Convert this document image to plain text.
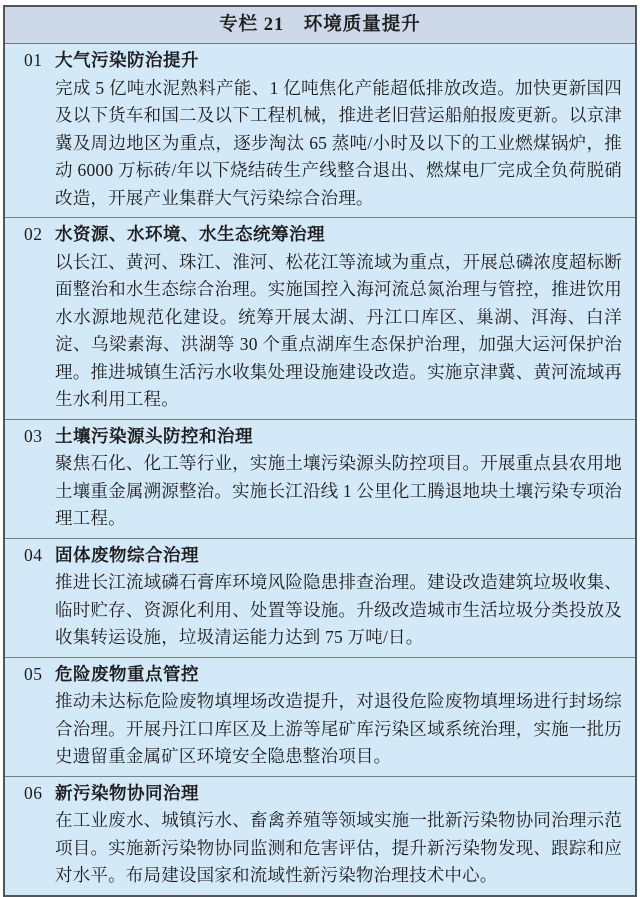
专栏 21　环境质量提升
01 大气污染防治提升
完成 5 亿吨水泥熟料产能、1 亿吨焦化产能超低排放改造。加快更新国四及以下货车和国二及以下工程机械，推进老旧营运船舶报废更新。以京津冀及周边地区为重点，逐步淘汰 65 蒸吨/小时及以下的工业燃煤锅炉，推动 6000 万标砖/年以下烧结砖生产线整合退出、燃煤电厂完成全负荷脱硝改造，开展产业集群大气污染综合治理。
02 水资源、水环境、水生态统筹治理
以长江、黄河、珠江、淮河、松花江等流域为重点，开展总磷浓度超标断面整治和水生态综合治理。实施国控入海河流总氮治理与管控，推进饮用水水源地规范化建设。统筹开展太湖、丹江口库区、巢湖、洱海、白洋淀、乌梁素海、洪湖等 30 个重点湖库生态保护治理，加强大运河保护治理。推进城镇生活污水收集处理设施建设改造。实施京津冀、黄河流域再生水利用工程。
03 土壤污染源头防控和治理
聚焦石化、化工等行业，实施土壤污染源头防控项目。开展重点县农用地土壤重金属溯源整治。实施长江沿线 1 公里化工腾退地块土壤污染专项治理工程。
04 固体废物综合治理
推进长江流域磷石膏库环境风险隐患排查治理。建设改造建筑垃圾收集、临时贮存、资源化利用、处置等设施。升级改造城市生活垃圾分类投放及收集转运设施，垃圾清运能力达到 75 万吨/日。
05 危险废物重点管控
推动未达标危险废物填埋场改造提升，对退役危险废物填埋场进行封场综合治理。开展丹江口库区及上游等尾矿库污染区域系统治理，实施一批历史遗留重金属矿区环境安全隐患整治项目。
06 新污染物协同治理
在工业废水、城镇污水、畜禽养殖等领域实施一批新污染物协同治理示范项目。实施新污染物协同监测和危害评估，提升新污染物发现、跟踪和应对水平。布局建设国家和流域性新污染物治理技术中心。
